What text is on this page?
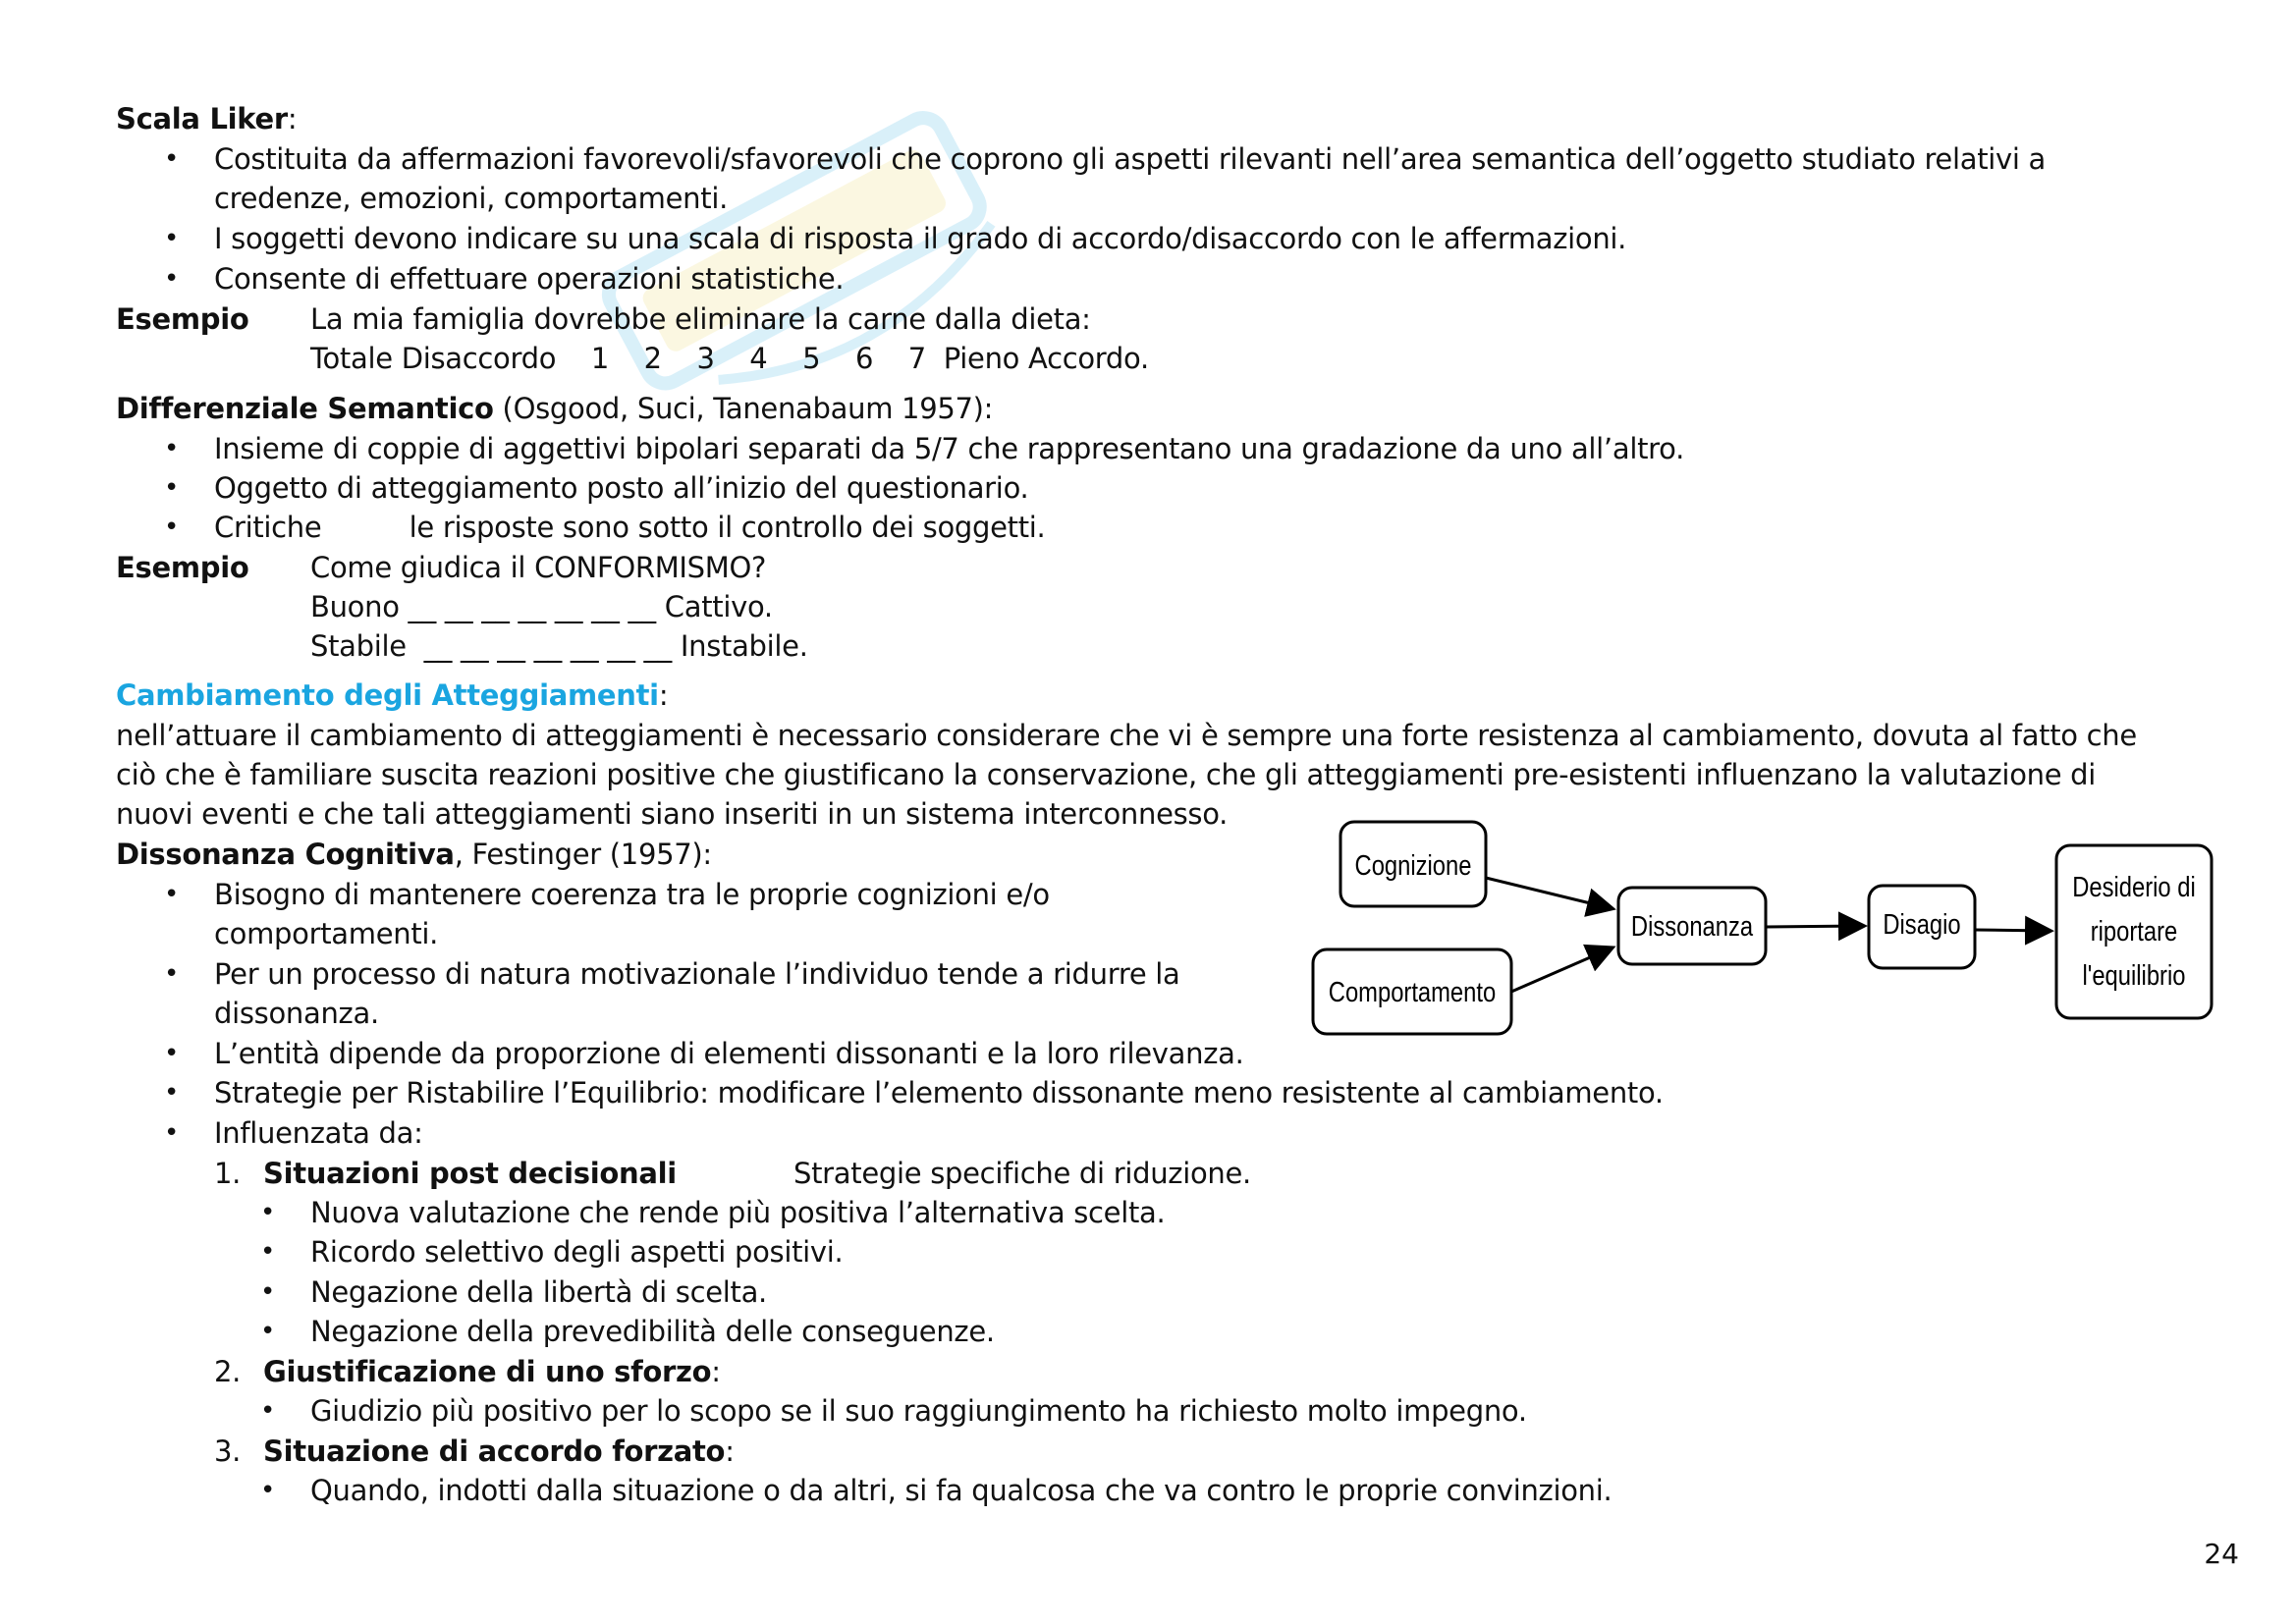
Scala Liker:
• Costituita da affermazioni favorevoli/sfavorevoli che coprono gli aspetti rilevanti nell’area semantica dell’oggetto studiato relativi a
credenze, emozioni, comportamenti.
• I soggetti devono indicare su una scala di risposta il grado di accordo/disaccordo con le affermazioni.
• Consente di effettuare operazioni statistiche.
Esempio La mia famiglia dovrebbe eliminare la carne dalla dieta:
Totale Disaccordo    1    2    3    4    5    6    7  Pieno Accordo.
Differenziale Semantico (Osgood, Suci, Tanenabaum 1957):
• Insieme di coppie di aggettivi bipolari separati da 5/7 che rappresentano una gradazione da uno all’altro.
• Oggetto di atteggiamento posto all’inizio del questionario.
• Critiche          le risposte sono sotto il controllo dei soggetti.
Esempio Come giudica il CONFORMISMO?
Buono __ __ __ __ __ __ __ Cattivo.
Stabile  __ __ __ __ __ __ __ Instabile.
Cambiamento degli Atteggiamenti:
nell’attuare il cambiamento di atteggiamenti è necessario considerare che vi è sempre una forte resistenza al cambiamento, dovuta al fatto che
ciò che è familiare suscita reazioni positive che giustificano la conservazione, che gli atteggiamenti pre-esistenti influenzano la valutazione di
nuovi eventi e che tali atteggiamenti siano inseriti in un sistema interconnesso.
Dissonanza Cognitiva, Festinger (1957):
• Bisogno di mantenere coerenza tra le proprie cognizioni e/o
comportamenti.
• Per un processo di natura motivazionale l’individuo tende a ridurre la
dissonanza.
• L’entità dipende da proporzione di elementi dissonanti e la loro rilevanza.
• Strategie per Ristabilire l’Equilibrio: modificare l’elemento dissonante meno resistente al cambiamento.
• Influenzata da:
1. Situazioni post decisionali	Strategie specifiche di riduzione.
• Nuova valutazione che rende più positiva l’alternativa scelta.
• Ricordo selettivo degli aspetti positivi.
• Negazione della libertà di scelta.
• Negazione della prevedibilità delle conseguenze.
2. Giustificazione di uno sforzo:
• Giudizio più positivo per lo scopo se il suo raggiungimento ha richiesto molto impegno.
3. Situazione di accordo forzato:
• Quando, indotti dalla situazione o da altri, si fa qualcosa che va contro le proprie convinzioni.
Cognizione
Comportamento
Dissonanza	Disagio
Desiderio di
riportare
l'equilibrio
24
